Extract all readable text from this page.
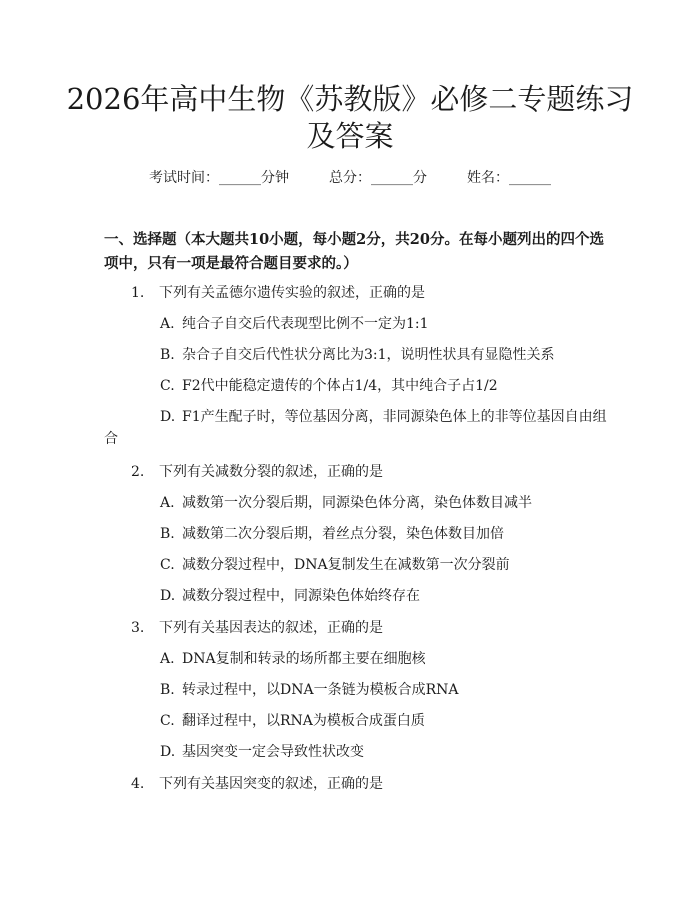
2026年高中生物《苏教版》必修二专题练习
及答案
考试时间：______分钟	总分：______分	姓名：______
一、选择题（本大题共10小题，每小题2分，共20分。在每小题列出的四个选项中，只有一项是最符合题目要求的。）
1. 下列有关孟德尔遗传实验的叙述，正确的是
A. 纯合子自交后代表现型比例不一定为1:1
B. 杂合子自交后代性状分离比为3:1，说明性状具有显隐性关系
C. F2代中能稳定遗传的个体占1/4，其中纯合子占1/2
D. F1产生配子时，等位基因分离，非同源染色体上的非等位基因自由组
合
2. 下列有关减数分裂的叙述，正确的是
A. 减数第一次分裂后期，同源染色体分离，染色体数目减半
B. 减数第二次分裂后期，着丝点分裂，染色体数目加倍
C. 减数分裂过程中，DNA复制发生在减数第一次分裂前
D. 减数分裂过程中，同源染色体始终存在
3. 下列有关基因表达的叙述，正确的是
A. DNA复制和转录的场所都主要在细胞核
B. 转录过程中，以DNA一条链为模板合成RNA
C. 翻译过程中，以RNA为模板合成蛋白质
D. 基因突变一定会导致性状改变
4. 下列有关基因突变的叙述，正确的是
